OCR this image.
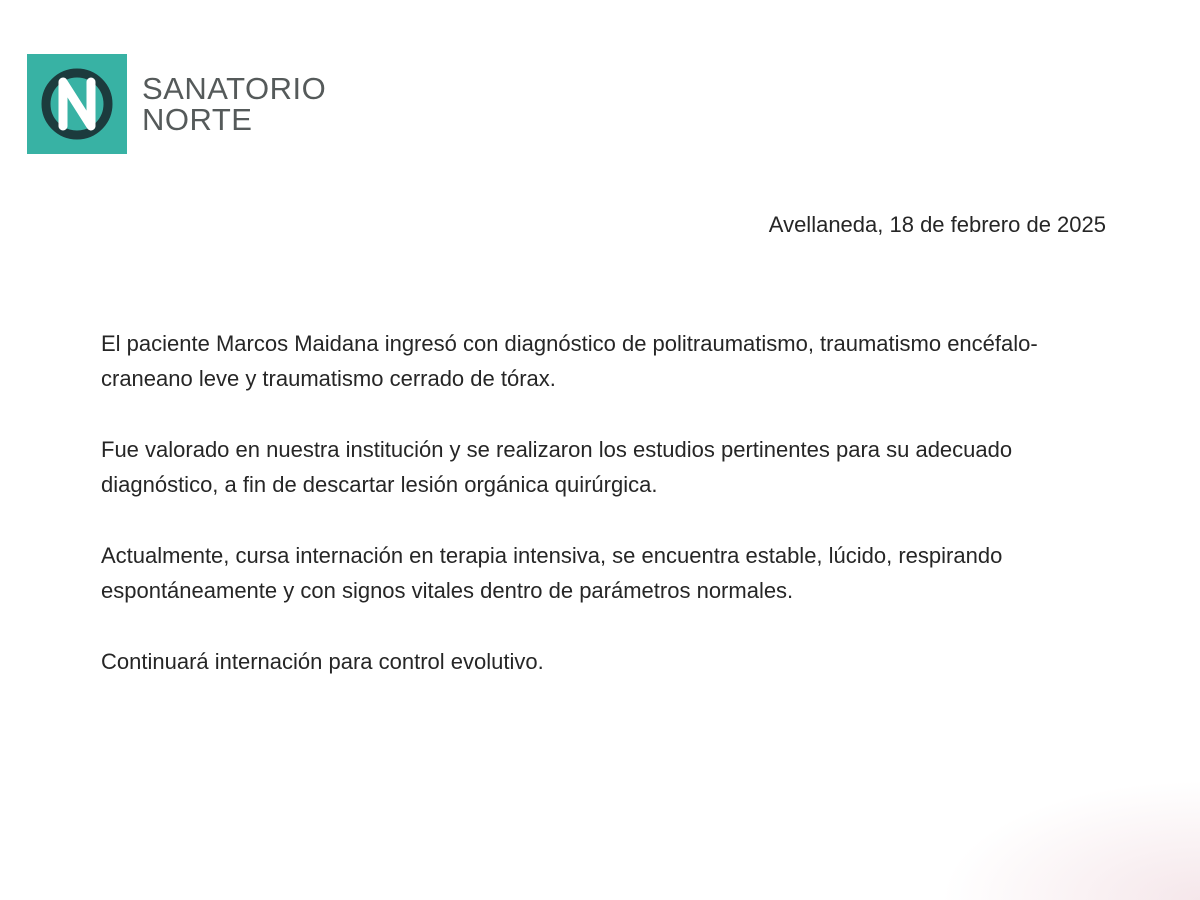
SANATORIO
NORTE
Avellaneda, 18 de febrero de 2025

El paciente Marcos Maidana ingresó con diagnóstico de politraumatismo, traumatismo encéfalo-craneano leve y traumatismo cerrado de tórax.

Fue valorado en nuestra institución y se realizaron los estudios pertinentes para su adecuado diagnóstico, a fin de descartar lesión orgánica quirúrgica.

Actualmente, cursa internación en terapia intensiva, se encuentra estable, lúcido, respirando espontáneamente y con signos vitales dentro de parámetros normales.

Continuará internación para control evolutivo.
